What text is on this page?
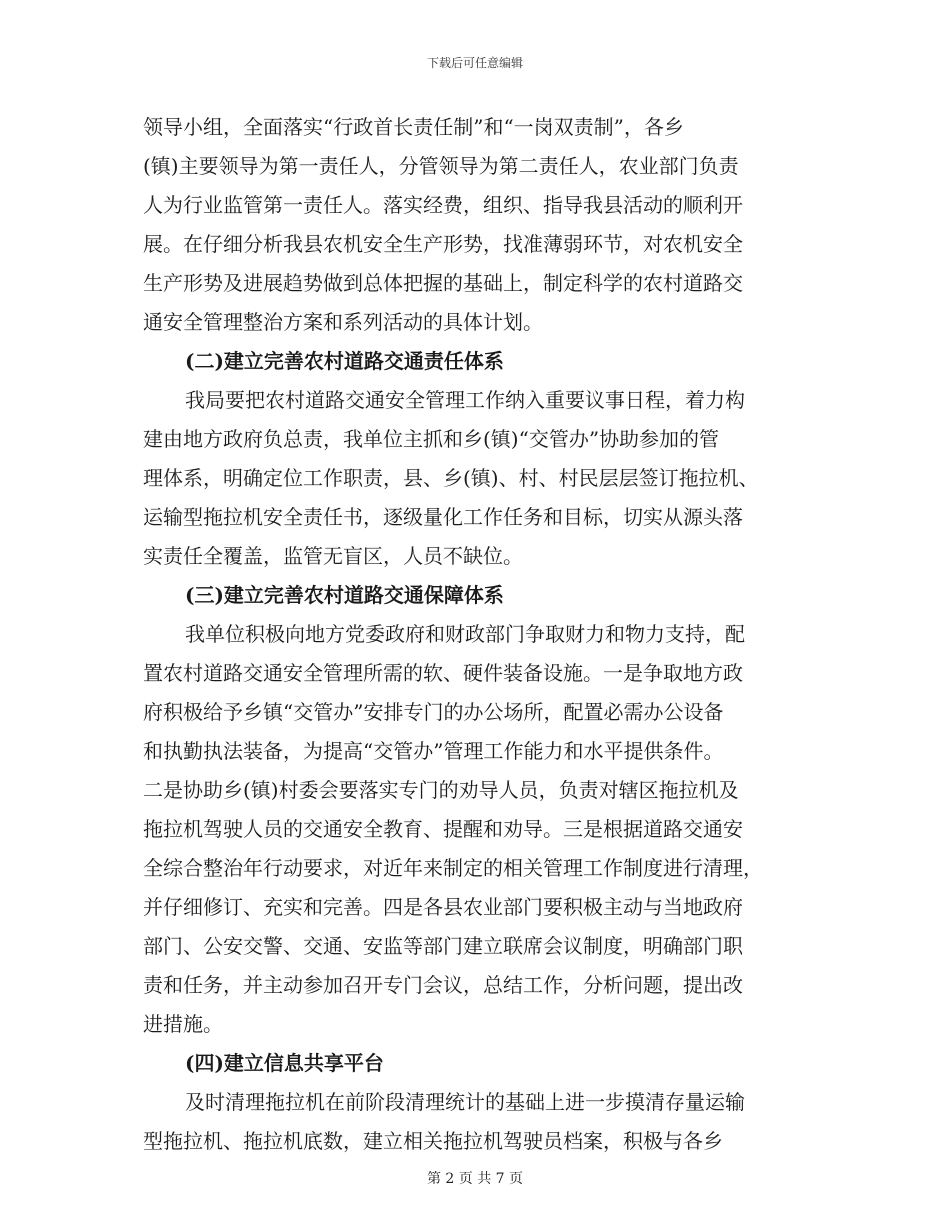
下载后可任意编辑
领导小组，全面落实“行政首长责任制”和“一岗双责制”，各乡
(镇)主要领导为第一责任人，分管领导为第二责任人，农业部门负责
人为行业监管第一责任人。落实经费，组织、指导我县活动的顺利开
展。在仔细分析我县农机安全生产形势，找准薄弱环节，对农机安全
生产形势及进展趋势做到总体把握的基础上，制定科学的农村道路交
通安全管理整治方案和系列活动的具体计划。
(二)建立完善农村道路交通责任体系
我局要把农村道路交通安全管理工作纳入重要议事日程，着力构
建由地方政府负总责，我单位主抓和乡(镇)“交管办”协助参加的管
理体系，明确定位工作职责，县、乡(镇)、村、村民层层签订拖拉机、
运输型拖拉机安全责任书，逐级量化工作任务和目标，切实从源头落
实责任全覆盖，监管无盲区，人员不缺位。
(三)建立完善农村道路交通保障体系
我单位积极向地方党委政府和财政部门争取财力和物力支持，配
置农村道路交通安全管理所需的软、硬件装备设施。一是争取地方政
府积极给予乡镇“交管办”安排专门的办公场所，配置必需办公设备
和执勤执法装备，为提高“交管办”管理工作能力和水平提供条件。
二是协助乡(镇)村委会要落实专门的劝导人员，负责对辖区拖拉机及
拖拉机驾驶人员的交通安全教育、提醒和劝导。三是根据道路交通安
全综合整治年行动要求，对近年来制定的相关管理工作制度进行清理，
并仔细修订、充实和完善。四是各县农业部门要积极主动与当地政府
部门、公安交警、交通、安监等部门建立联席会议制度，明确部门职
责和任务，并主动参加召开专门会议，总结工作，分析问题，提出改
进措施。
(四)建立信息共享平台
及时清理拖拉机在前阶段清理统计的基础上进一步摸清存量运输
型拖拉机、拖拉机底数，建立相关拖拉机驾驶员档案，积极与各乡
第 2 页 共 7 页
